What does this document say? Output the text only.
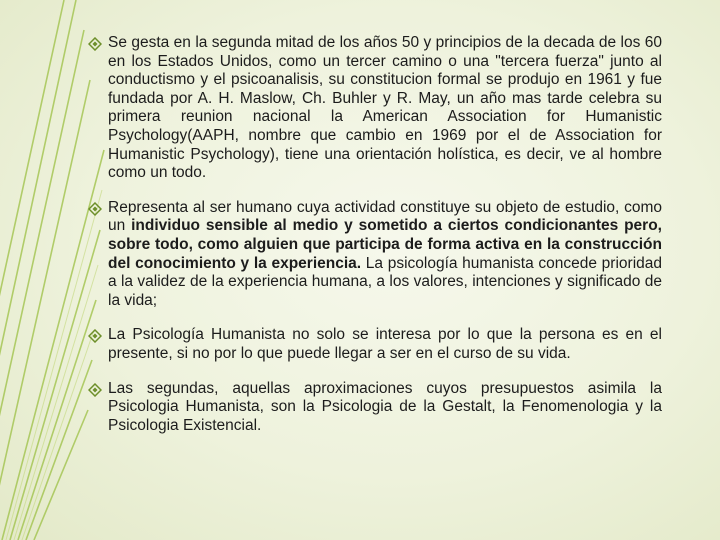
Se gesta en la segunda mitad de los años 50 y principios de la decada de los 60 en los Estados Unidos, como un tercer camino o una "tercera fuerza" junto al conductismo y el psicoanalisis, su constitucion formal se produjo en 1961 y fue fundada por A. H. Maslow, Ch. Buhler y R. May, un año mas tarde celebra su primera reunion nacional la American Association for Humanistic Psychology(AAPH, nombre que cambio en 1969 por el de Association for Humanistic Psychology), tiene una orientación holística, es decir, ve al hombre como un todo.
Representa al ser humano cuya actividad constituye su objeto de estudio, como un individuo sensible al medio y sometido a ciertos condicionantes pero, sobre todo, como alguien que participa de forma activa en la construcción del conocimiento y la experiencia. La psicología humanista concede prioridad a la validez de la experiencia humana, a los valores, intenciones y significado de la vida;
La Psicología Humanista no solo se interesa por lo que la persona es en el presente, si no por lo que puede llegar a ser en el curso de su vida.
Las segundas, aquellas aproximaciones cuyos presupuestos asimila la Psicologia Humanista, son la Psicologia de la Gestalt, la Fenomenologia y la Psicologia Existencial.
